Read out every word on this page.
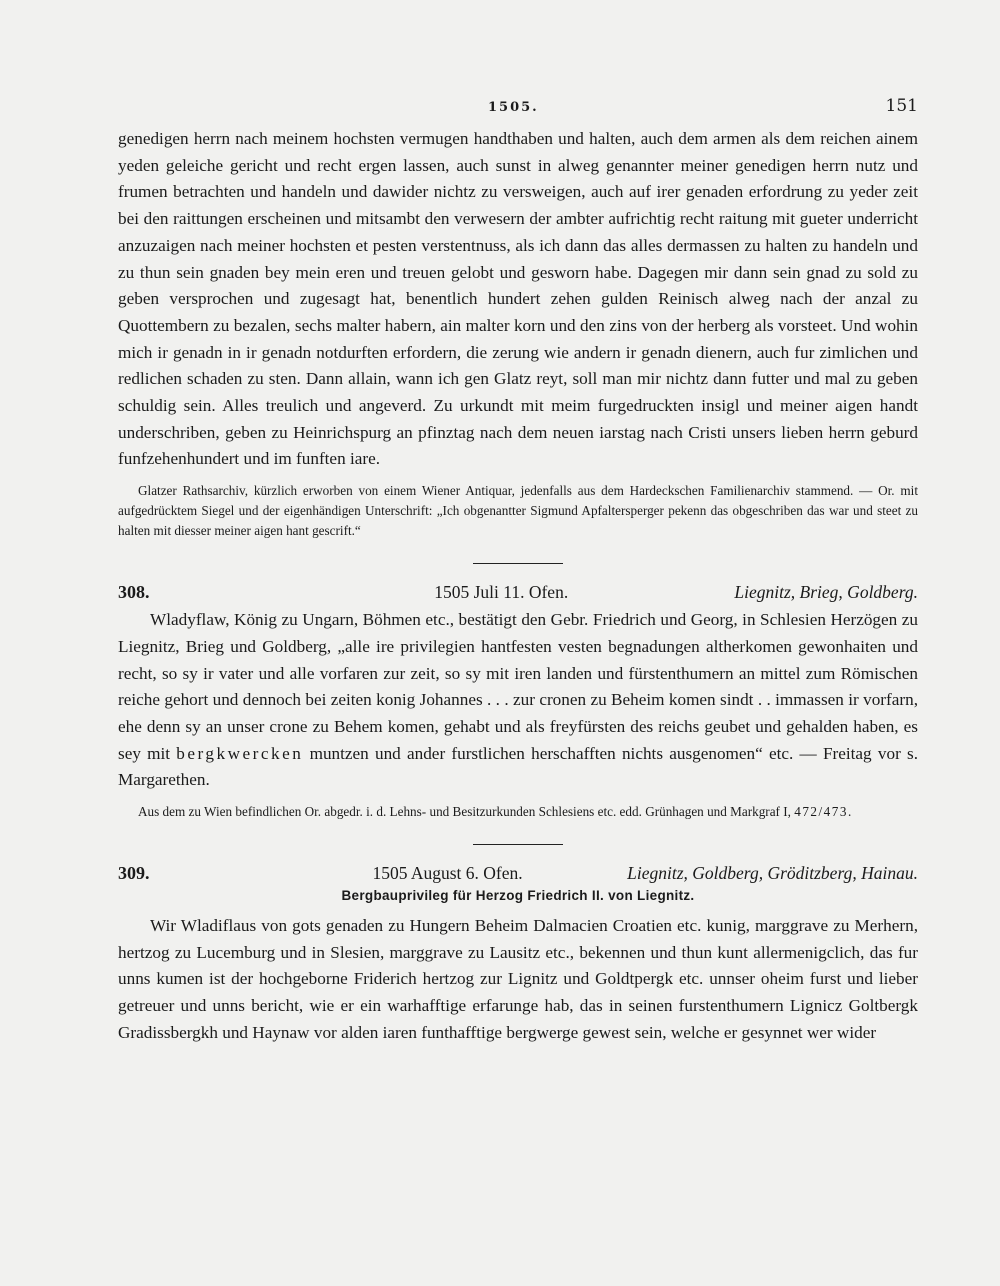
1505.	151

genedigen herrn nach meinem hochsten vermugen handthaben und halten, auch dem armen als dem reichen ainem yeden geleiche gericht und recht ergen lassen, auch sunst in alweg genannter meiner genedigen herrn nutz und frumen betrachten und handeln und dawider nichtz zu versweigen, auch auf irer genaden erfordrung zu yeder zeit bei den raittungen erscheinen und mitsambt den verwesern der ambter aufrichtig recht raitung mit gueter underricht anzuzaigen nach meiner hochsten et pesten verstentnuss, als ich dann das alles dermassen zu halten zu handeln und zu thun sein gnaden bey mein eren und treuen gelobt und gesworn habe. Dagegen mir dann sein gnad zu sold zu geben versprochen und zugesagt hat, benentlich hundert zehen gulden Reinisch alweg nach der anzal zu Quottembern zu bezalen, sechs malter habern, ain malter korn und den zins von der herberg als vorsteet. Und wohin mich ir genadn in ir genadn notdurften erfordern, die zerung wie andern ir genadn dienern, auch fur zimlichen und redlichen schaden zu sten. Dann allain, wann ich gen Glatz reyt, soll man mir nichtz dann futter und mal zu geben schuldig sein. Alles treulich und angeverd. Zu urkundt mit meim furgedruckten insigl und meiner aigen handt underschriben, geben zu Heinrichspurg an pfinztag nach dem neuen iarstag nach Cristi unsers lieben herrn geburd funfzehenhundert und im funften iare.

Glatzer Rathsarchiv, kürzlich erworben von einem Wiener Antiquar, jedenfalls aus dem Hardeckschen Familienarchiv stammend. — Or. mit aufgedrücktem Siegel und der eigenhändigen Unterschrift: „Ich obgenantter Sigmund Apfaltersperger pekenn das obgeschriben das war und steet zu halten mit diesser meiner aigen hant gescrift.“

308.	1505 Juli 11. Ofen.	Liegnitz, Brieg, Goldberg.

Wladyflaw, König zu Ungarn, Böhmen etc., bestätigt den Gebr. Friedrich und Georg, in Schlesien Herzögen zu Liegnitz, Brieg und Goldberg, „alle ire privilegien hantfesten vesten begnadungen altherkomen gewonhaiten und recht, so sy ir vater und alle vorfaren zur zeit, so sy mit iren landen und fürstenthumern an mittel zum Römischen reiche gehort und dennoch bei zeiten konig Johannes . . . zur cronen zu Beheim komen sindt . . immassen ir vorfarn, ehe denn sy an unser crone zu Behem komen, gehabt und als freyfürsten des reichs geubet und gehalden haben, es sey mit bergkwercken muntzen und ander furstlichen herschafften nichts ausgenomen“ etc. — Freitag vor s. Margarethen.

Aus dem zu Wien befindlichen Or. abgedr. i. d. Lehns- und Besitzurkunden Schlesiens etc. edd. Grünhagen und Markgraf I, 472/473.

309.	1505 August 6. Ofen.	Liegnitz, Goldberg, Gröditzberg, Hainau.
Bergbauprivileg für Herzog Friedrich II. von Liegnitz.

Wir Wladiflaus von gots genaden zu Hungern Beheim Dalmacien Croatien etc. kunig, marggrave zu Merhern, hertzog zu Lucemburg und in Slesien, marggrave zu Lausitz etc., bekennen und thun kunt allermenigclich, das fur unns kumen ist der hochgeborne Friderich hertzog zur Lignitz und Goldtpergk etc. unnser oheim furst und lieber getreuer und unns bericht, wie er ein warhafftige erfarunge hab, das in seinen furstenthumern Lignicz Goltbergk Gradissbergkh und Haynaw vor alden iaren funthafftige bergwerge gewest sein, welche er gesynnet wer wider
